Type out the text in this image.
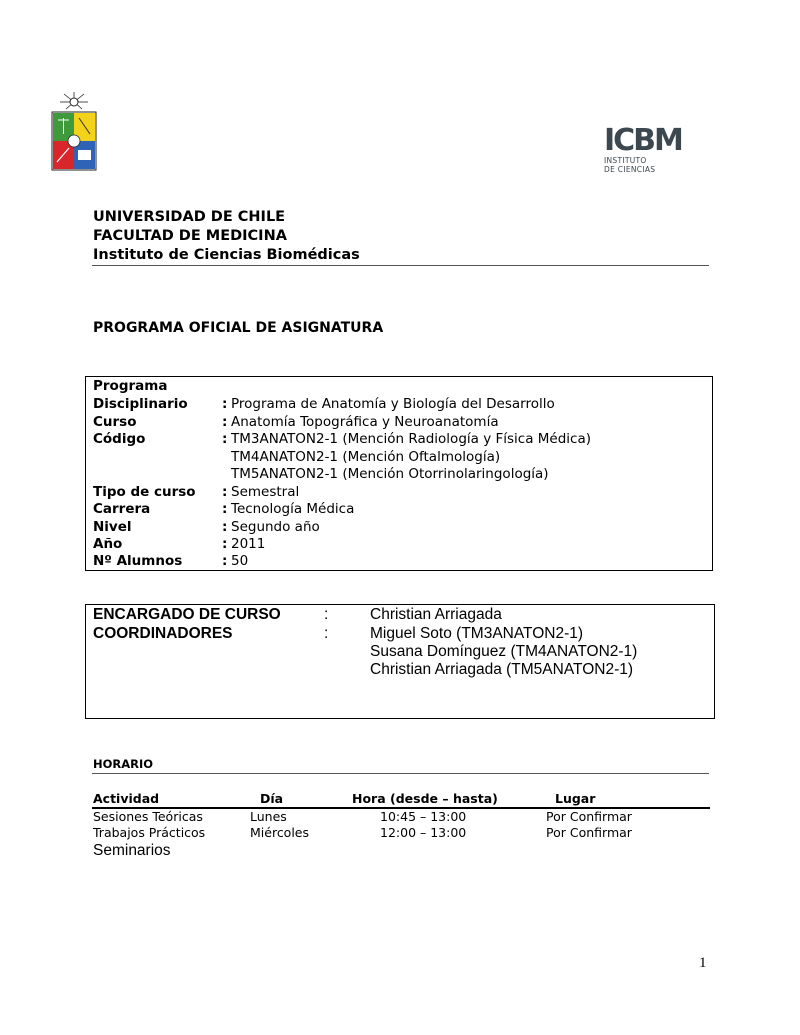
ICBM
INSTITUTO
DE CIENCIAS
UNIVERSIDAD DE CHILE
FACULTAD DE MEDICINA
Instituto de Ciencias Biomédicas
PROGRAMA OFICIAL DE ASIGNATURA
Programa
Disciplinario	: Programa de Anatomía y Biología del Desarrollo
Curso	: Anatomía Topográfica y Neuroanatomía
Código	: TM3ANATON2-1 (Mención Radiología y Física Médica)
TM4ANATON2-1 (Mención Oftalmología)
TM5ANATON2-1 (Mención Otorrinolaringología)
Tipo de curso : Semestral
Carrera	: Tecnología Médica
Nivel	: Segundo año
Año	: 2011
Nº Alumnos	: 50
ENCARGADO DE CURSO	:	Christian Arriagada
COORDINADORES	:	Miguel Soto (TM3ANATON2-1)
Susana Domínguez (TM4ANATON2-1)
Christian Arriagada (TM5ANATON2-1)
HORARIO
Actividad	Día	Hora (desde – hasta)	Lugar
Sesiones Teóricas	Lunes	10:45 – 13:00	Por Confirmar
Trabajos Prácticos	Miércoles	12:00 – 13:00	Por Confirmar
Seminarios
1
